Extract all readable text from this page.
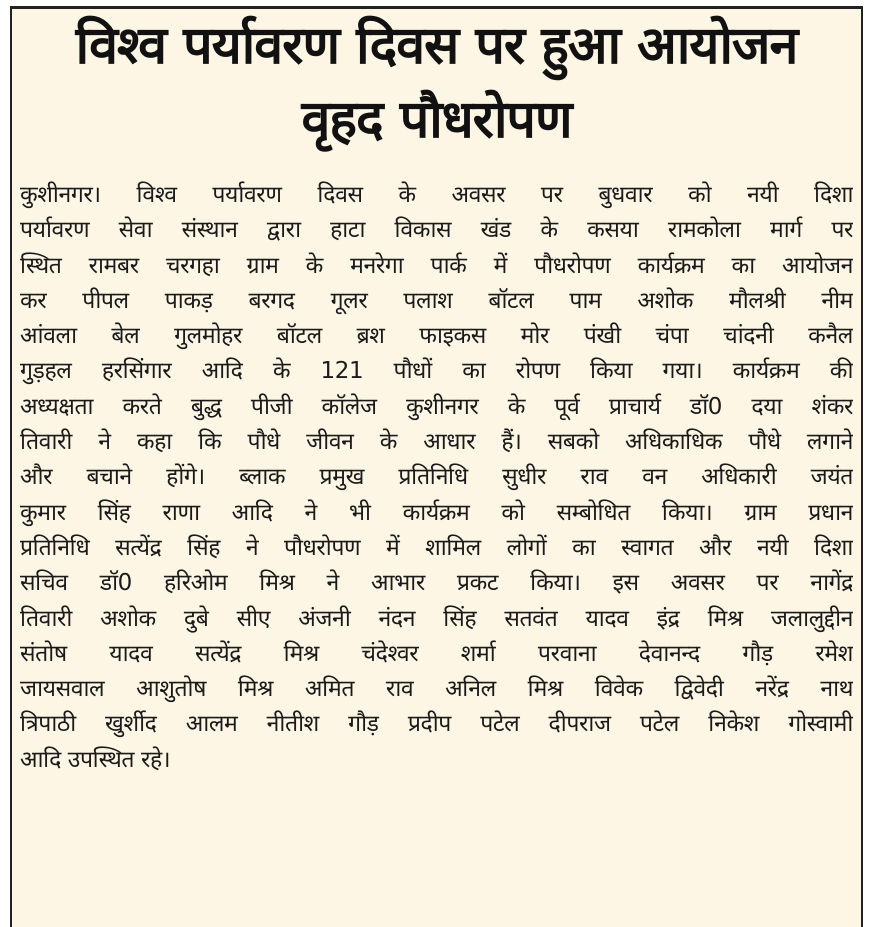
विश्व पर्यावरण दिवस पर हुआ आयोजन
वृहद पौधरोपण
कुशीनगर। विश्व पर्यावरण दिवस के अवसर पर बुधवार को नयी दिशा
पर्यावरण सेवा संस्थान द्वारा हाटा विकास खंड के कसया रामकोला मार्ग पर
स्थित रामबर चरगहा ग्राम के मनरेगा पार्क में पौधरोपण कार्यक्रम का आयोजन
कर पीपल पाकड़ बरगद गूलर पलाश बॉटल पाम अशोक मौलश्री नीम
आंवला बेल गुलमोहर बॉटल ब्रश फाइकस मोर पंखी चंपा चांदनी कनैल
गुड़हल हरसिंगार आदि के 121 पौधों का रोपण किया गया। कार्यक्रम की
अध्यक्षता करते बुद्ध पीजी कॉलेज कुशीनगर के पूर्व प्राचार्य डॉ0 दया शंकर
तिवारी ने कहा कि पौधे जीवन के आधार हैं। सबको अधिकाधिक पौधे लगाने
और बचाने होंगे। ब्लाक प्रमुख प्रतिनिधि सुधीर राव वन अधिकारी जयंत
कुमार सिंह राणा आदि ने भी कार्यक्रम को सम्बोधित किया। ग्राम प्रधान
प्रतिनिधि सत्येंद्र सिंह ने पौधरोपण में शामिल लोगों का स्वागत और नयी दिशा
सचिव डॉ0 हरिओम मिश्र ने आभार प्रकट किया। इस अवसर पर नागेंद्र
तिवारी अशोक दुबे सीए अंजनी नंदन सिंह सतवंत यादव इंद्र मिश्र जलालुद्दीन
संतोष यादव सत्येंद्र मिश्र चंदेश्वर शर्मा परवाना देवानन्द गौड़ रमेश
जायसवाल आशुतोष मिश्र अमित राव अनिल मिश्र विवेक द्विवेदी नरेंद्र नाथ
त्रिपाठी खुर्शीद आलम नीतीश गौड़ प्रदीप पटेल दीपराज पटेल निकेश गोस्वामी
आदि उपस्थित रहे।
